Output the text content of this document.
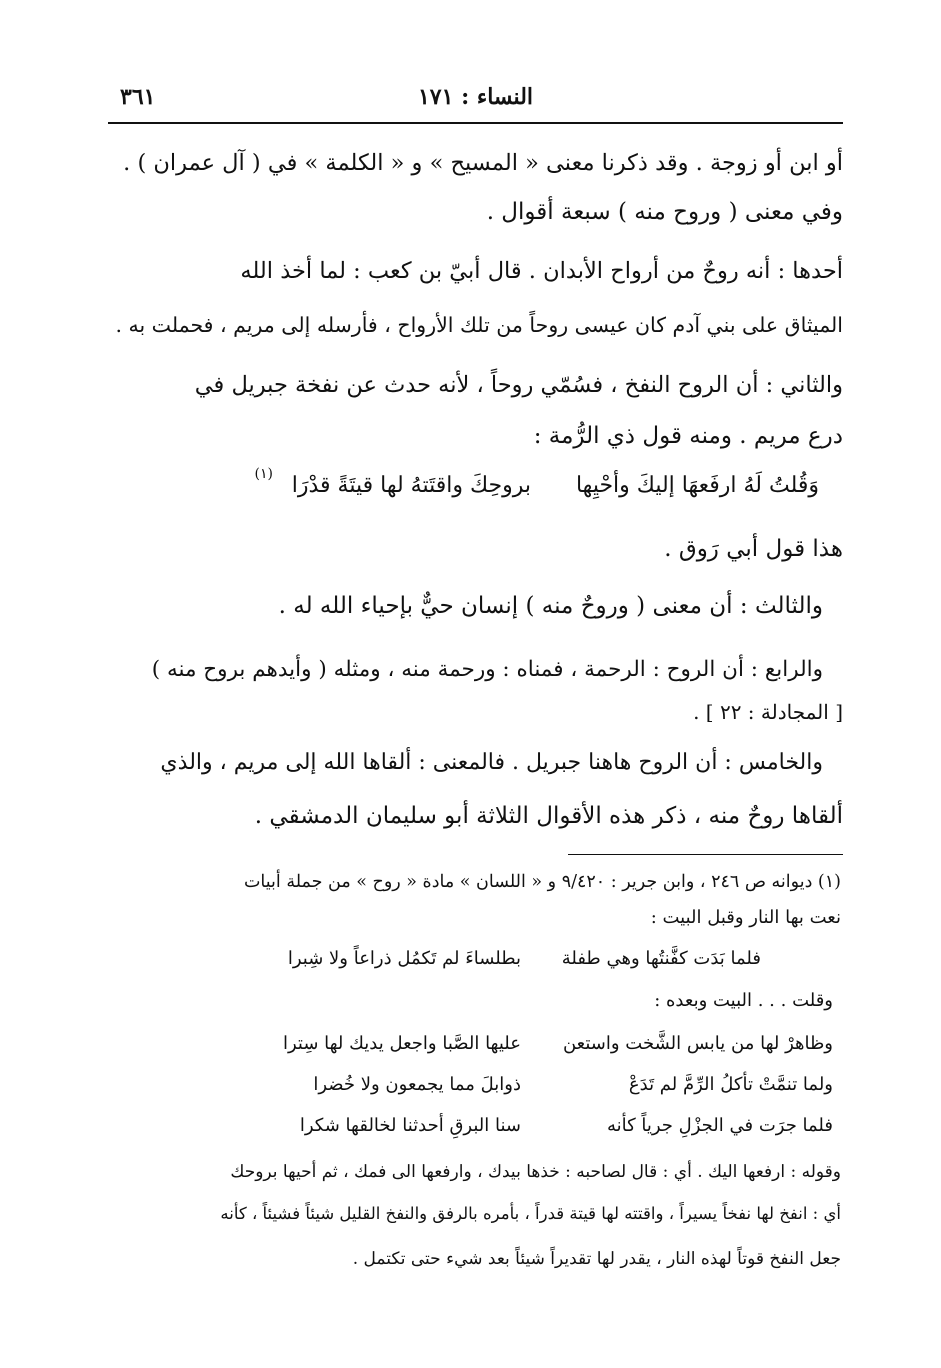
النساء : ١٧١
٣٦١
أو ابن أو زوجة . وقد ذكرنا معنى « المسيح » و « الكلمة » في ( آل عمران ) .
وفي معنى ( وروح منه ) سبعة أقوال .
أحدها : أنه روحٌ من أرواح الأبدان . قال أبيّ بن كعب : لما أخذ الله
الميثاق على بني آدم كان عيسى روحاً من تلك الأرواح ، فأرسله إلى مريم ، فحملت به .
والثاني : أن الروح النفخ ، فسُمّي روحاً ، لأنه حدث عن نفخة جبريل في
درع مريم . ومنه قول ذي الرُّمة :
وَقُلتُ لَهُ ارفَعهَا إليكَ وأحْيِها
بروحِكَ واقتَتهُ لها قيتَةً قدْرَا
(١)
هذا قول أبي رَوق .
والثالث : أن معنى ( وروحٌ منه ) إنسان حيٌّ بإحياء الله له .
والرابع : أن الروح : الرحمة ، فمناه : ورحمة منه ، ومثله ( وأيدهم بروح منه )
[ المجادلة : ٢٢ ] .
والخامس : أن الروح هاهنا جبريل . فالمعنى : ألقاها الله إلى مريم ، والذي
ألقاها روحٌ منه ، ذكر هذه الأقوال الثلاثة أبو سليمان الدمشقي .
(١) ديوانه ص ٢٤٦ ، وابن جرير : ٩/٤٢٠ و « اللسان » مادة « روح » من جملة أبيات
نعت بها النار وقبل البيت :
فلما بَدَت كفَّنتُها وهي طفلة
بطلساءَ لم تَكمُل ذراعاً ولا شِبرا
وقلت . . . البيت وبعده :
وظاهرْ لها من يابس الشَّخت واستعن
عليها الصَّبا واجعل يديك لها سِترا
ولما تنمَّتْ تأكلُ الرِّمَّ لم تَدَعْ
ذوابلَ مما يجمعون ولا خُضرا
فلما جرَت في الجزْلِ جرياً كأنه
سنا البرقِ أحدثنا لخالقها شكرا
وقوله : ارفعها اليك . أي : قال لصاحبه : خذها بيدك ، وارفعها الى فمك ، ثم أحيها بروحك
أي : انفخ لها نفخاً يسيراً ، واقتته لها قيتة قدراً ، بأمره بالرفق والنفخ القليل شيئاً فشيئاً ، كأنه
جعل النفخ قوتاً لهذه النار ، يقدر لها تقديراً شيئاً بعد شيء حتى تكتمل .
